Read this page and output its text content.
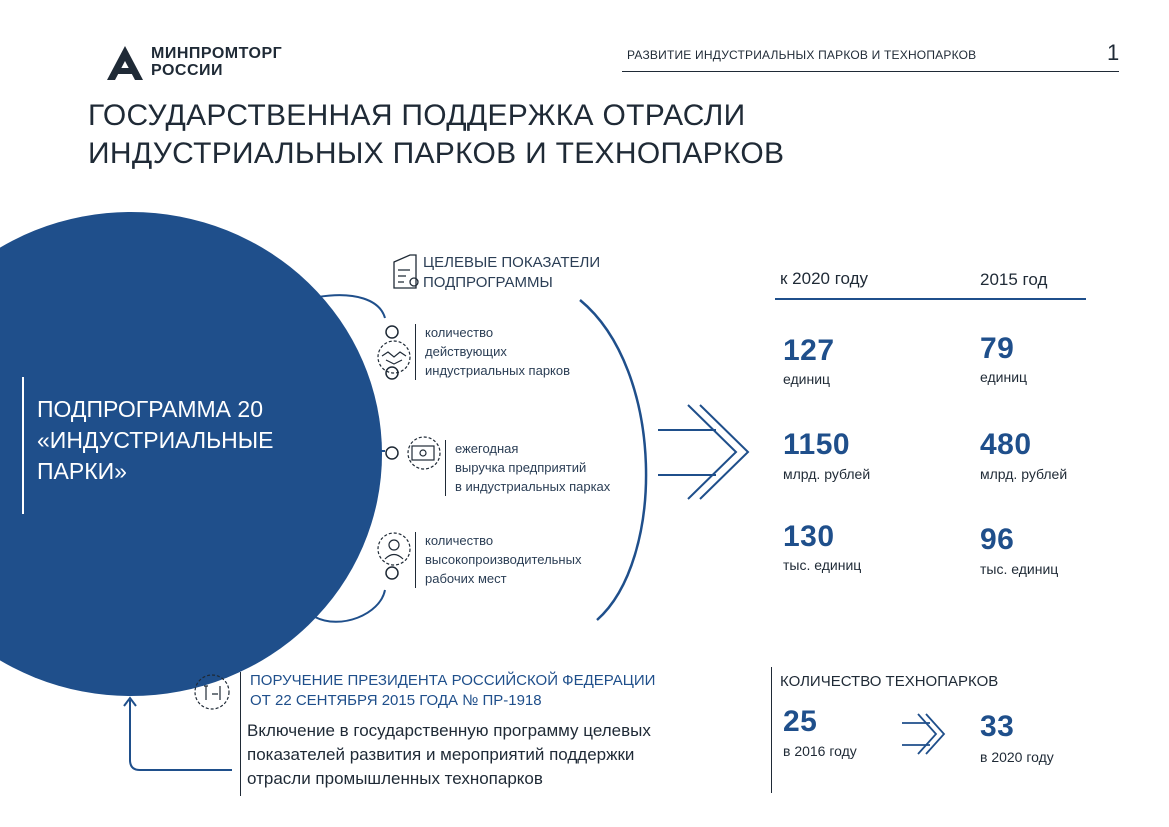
МИНПРОМТОРГ
РОССИИ
РАЗВИТИЕ ИНДУСТРИАЛЬНЫХ ПАРКОВ И ТЕХНОПАРКОВ	1
ГОСУДАРСТВЕННАЯ ПОДДЕРЖКА ОТРАСЛИ
ИНДУСТРИАЛЬНЫХ ПАРКОВ И ТЕХНОПАРКОВ
ПОДПРОГРАММА 20
«ИНДУСТРИАЛЬНЫЕ
ПАРКИ»
ЦЕЛЕВЫЕ ПОКАЗАТЕЛИ
ПОДПРОГРАММЫ
количество
действующих
индустриальных парков
ежегодная
выручка предприятий
в индустриальных парках
количество
высокопроизводительных
рабочих мест
к 2020 году	2015 год
127
единиц
79
единиц
1150
млрд. рублей
480
млрд. рублей
130
тыс. единиц
96
тыс. единиц
ПОРУЧЕНИЕ ПРЕЗИДЕНТА РОССИЙСКОЙ ФЕДЕРАЦИИ
ОТ 22 СЕНТЯБРЯ 2015 ГОДА № ПР-1918
Включение в государственную программу целевых
показателей развития и мероприятий поддержки
отрасли промышленных технопарков
КОЛИЧЕСТВО ТЕХНОПАРКОВ
25
в 2016 году
33
в 2020 году
